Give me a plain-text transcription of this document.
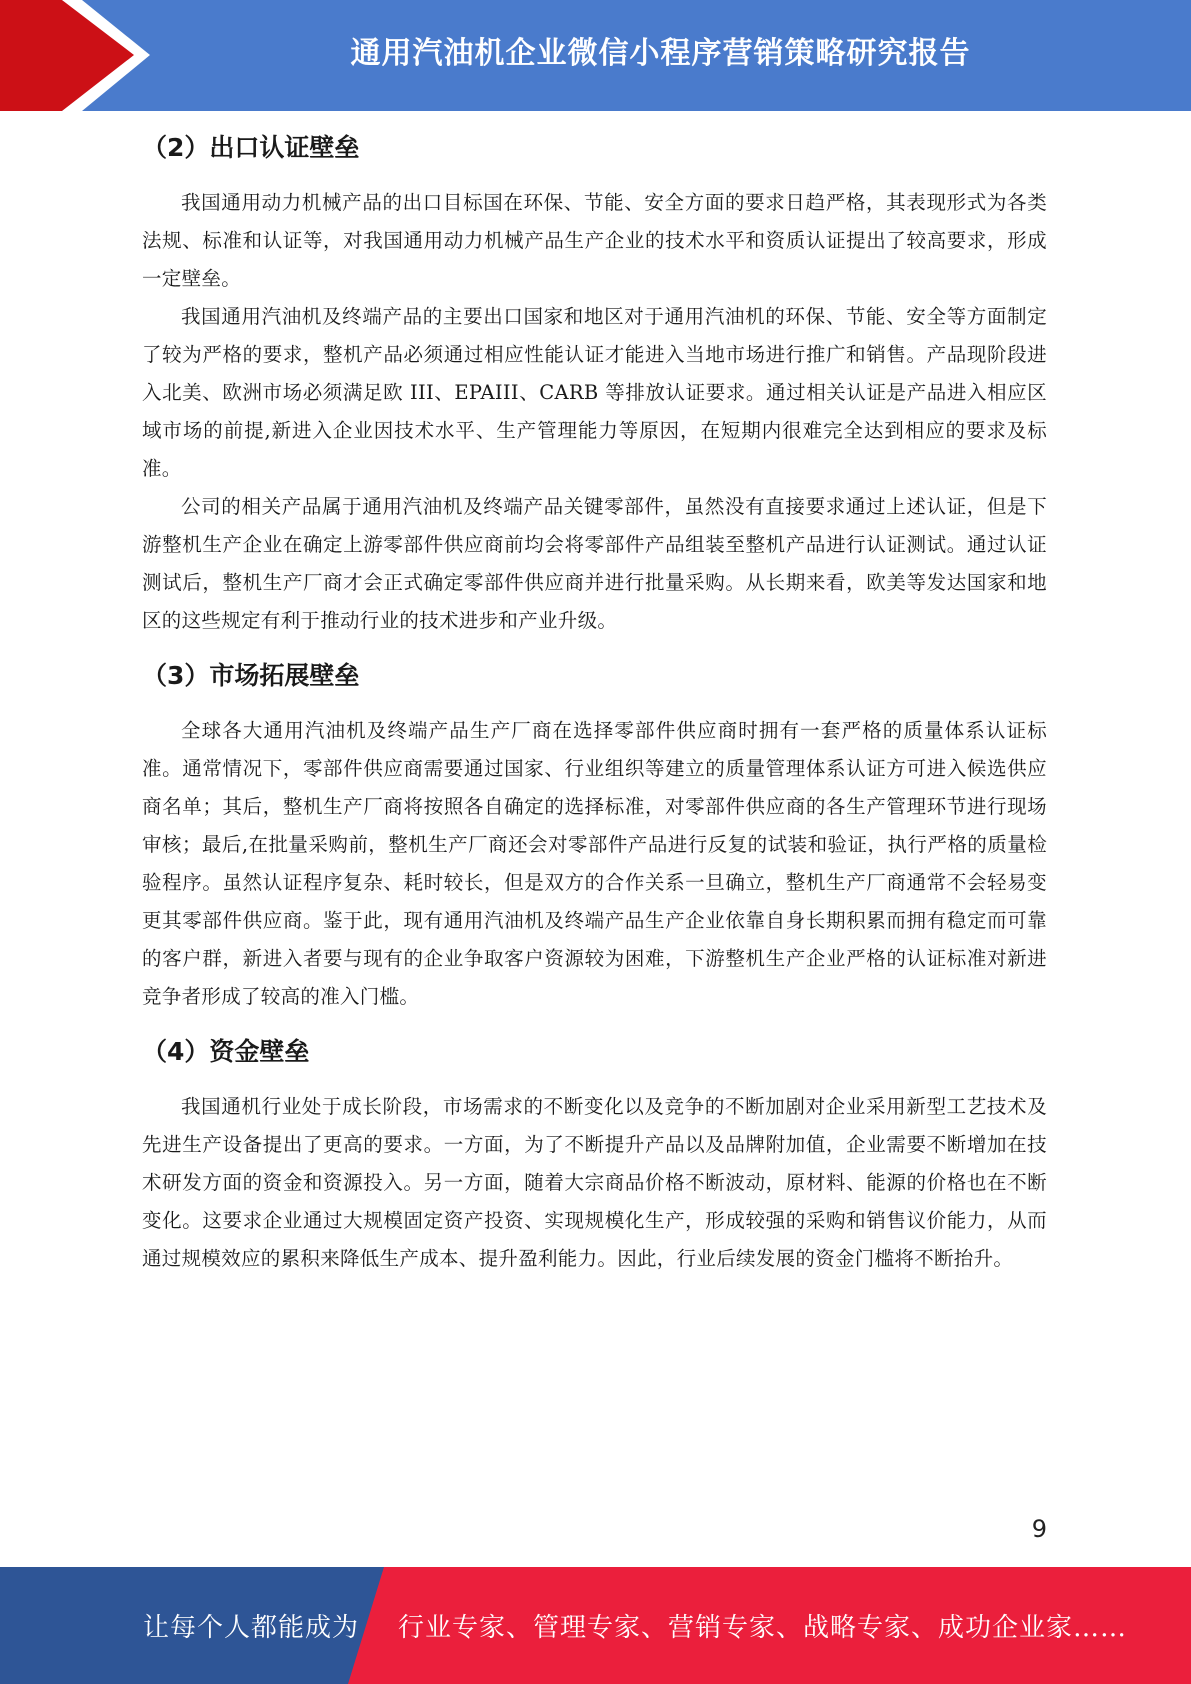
通用汽油机企业微信小程序营销策略研究报告
（2）出口认证壁垒

我国通用动力机械产品的出口目标国在环保、节能、安全方面的要求日趋严格，其表现形式为各类法规、标准和认证等，对我国通用动力机械产品生产企业的技术水平和资质认证提出了较高要求，形成一定壁垒。

我国通用汽油机及终端产品的主要出口国家和地区对于通用汽油机的环保、节能、安全等方面制定了较为严格的要求，整机产品必须通过相应性能认证才能进入当地市场进行推广和销售。产品现阶段进入北美、欧洲市场必须满足欧 III、EPAIII、CARB 等排放认证要求。通过相关认证是产品进入相应区域市场的前提,新进入企业因技术水平、生产管理能力等原因，在短期内很难完全达到相应的要求及标准。

公司的相关产品属于通用汽油机及终端产品关键零部件，虽然没有直接要求通过上述认证，但是下游整机生产企业在确定上游零部件供应商前均会将零部件产品组装至整机产品进行认证测试。通过认证测试后，整机生产厂商才会正式确定零部件供应商并进行批量采购。从长期来看，欧美等发达国家和地区的这些规定有利于推动行业的技术进步和产业升级。

（3）市场拓展壁垒

全球各大通用汽油机及终端产品生产厂商在选择零部件供应商时拥有一套严格的质量体系认证标准。通常情况下，零部件供应商需要通过国家、行业组织等建立的质量管理体系认证方可进入候选供应商名单；其后，整机生产厂商将按照各自确定的选择标准，对零部件供应商的各生产管理环节进行现场审核；最后,在批量采购前，整机生产厂商还会对零部件产品进行反复的试装和验证，执行严格的质量检验程序。虽然认证程序复杂、耗时较长，但是双方的合作关系一旦确立，整机生产厂商通常不会轻易变更其零部件供应商。鉴于此，现有通用汽油机及终端产品生产企业依靠自身长期积累而拥有稳定而可靠的客户群，新进入者要与现有的企业争取客户资源较为困难，下游整机生产企业严格的认证标准对新进竞争者形成了较高的准入门槛。

（4）资金壁垒

我国通机行业处于成长阶段，市场需求的不断变化以及竞争的不断加剧对企业采用新型工艺技术及先进生产设备提出了更高的要求。一方面，为了不断提升产品以及品牌附加值，企业需要不断增加在技术研发方面的资金和资源投入。另一方面，随着大宗商品价格不断波动，原材料、能源的价格也在不断变化。这要求企业通过大规模固定资产投资、实现规模化生产，形成较强的采购和销售议价能力，从而通过规模效应的累积来降低生产成本、提升盈利能力。因此，行业后续发展的资金门槛将不断抬升。

9
让每个人都能成为 行业专家、管理专家、营销专家、战略专家、成功企业家……
